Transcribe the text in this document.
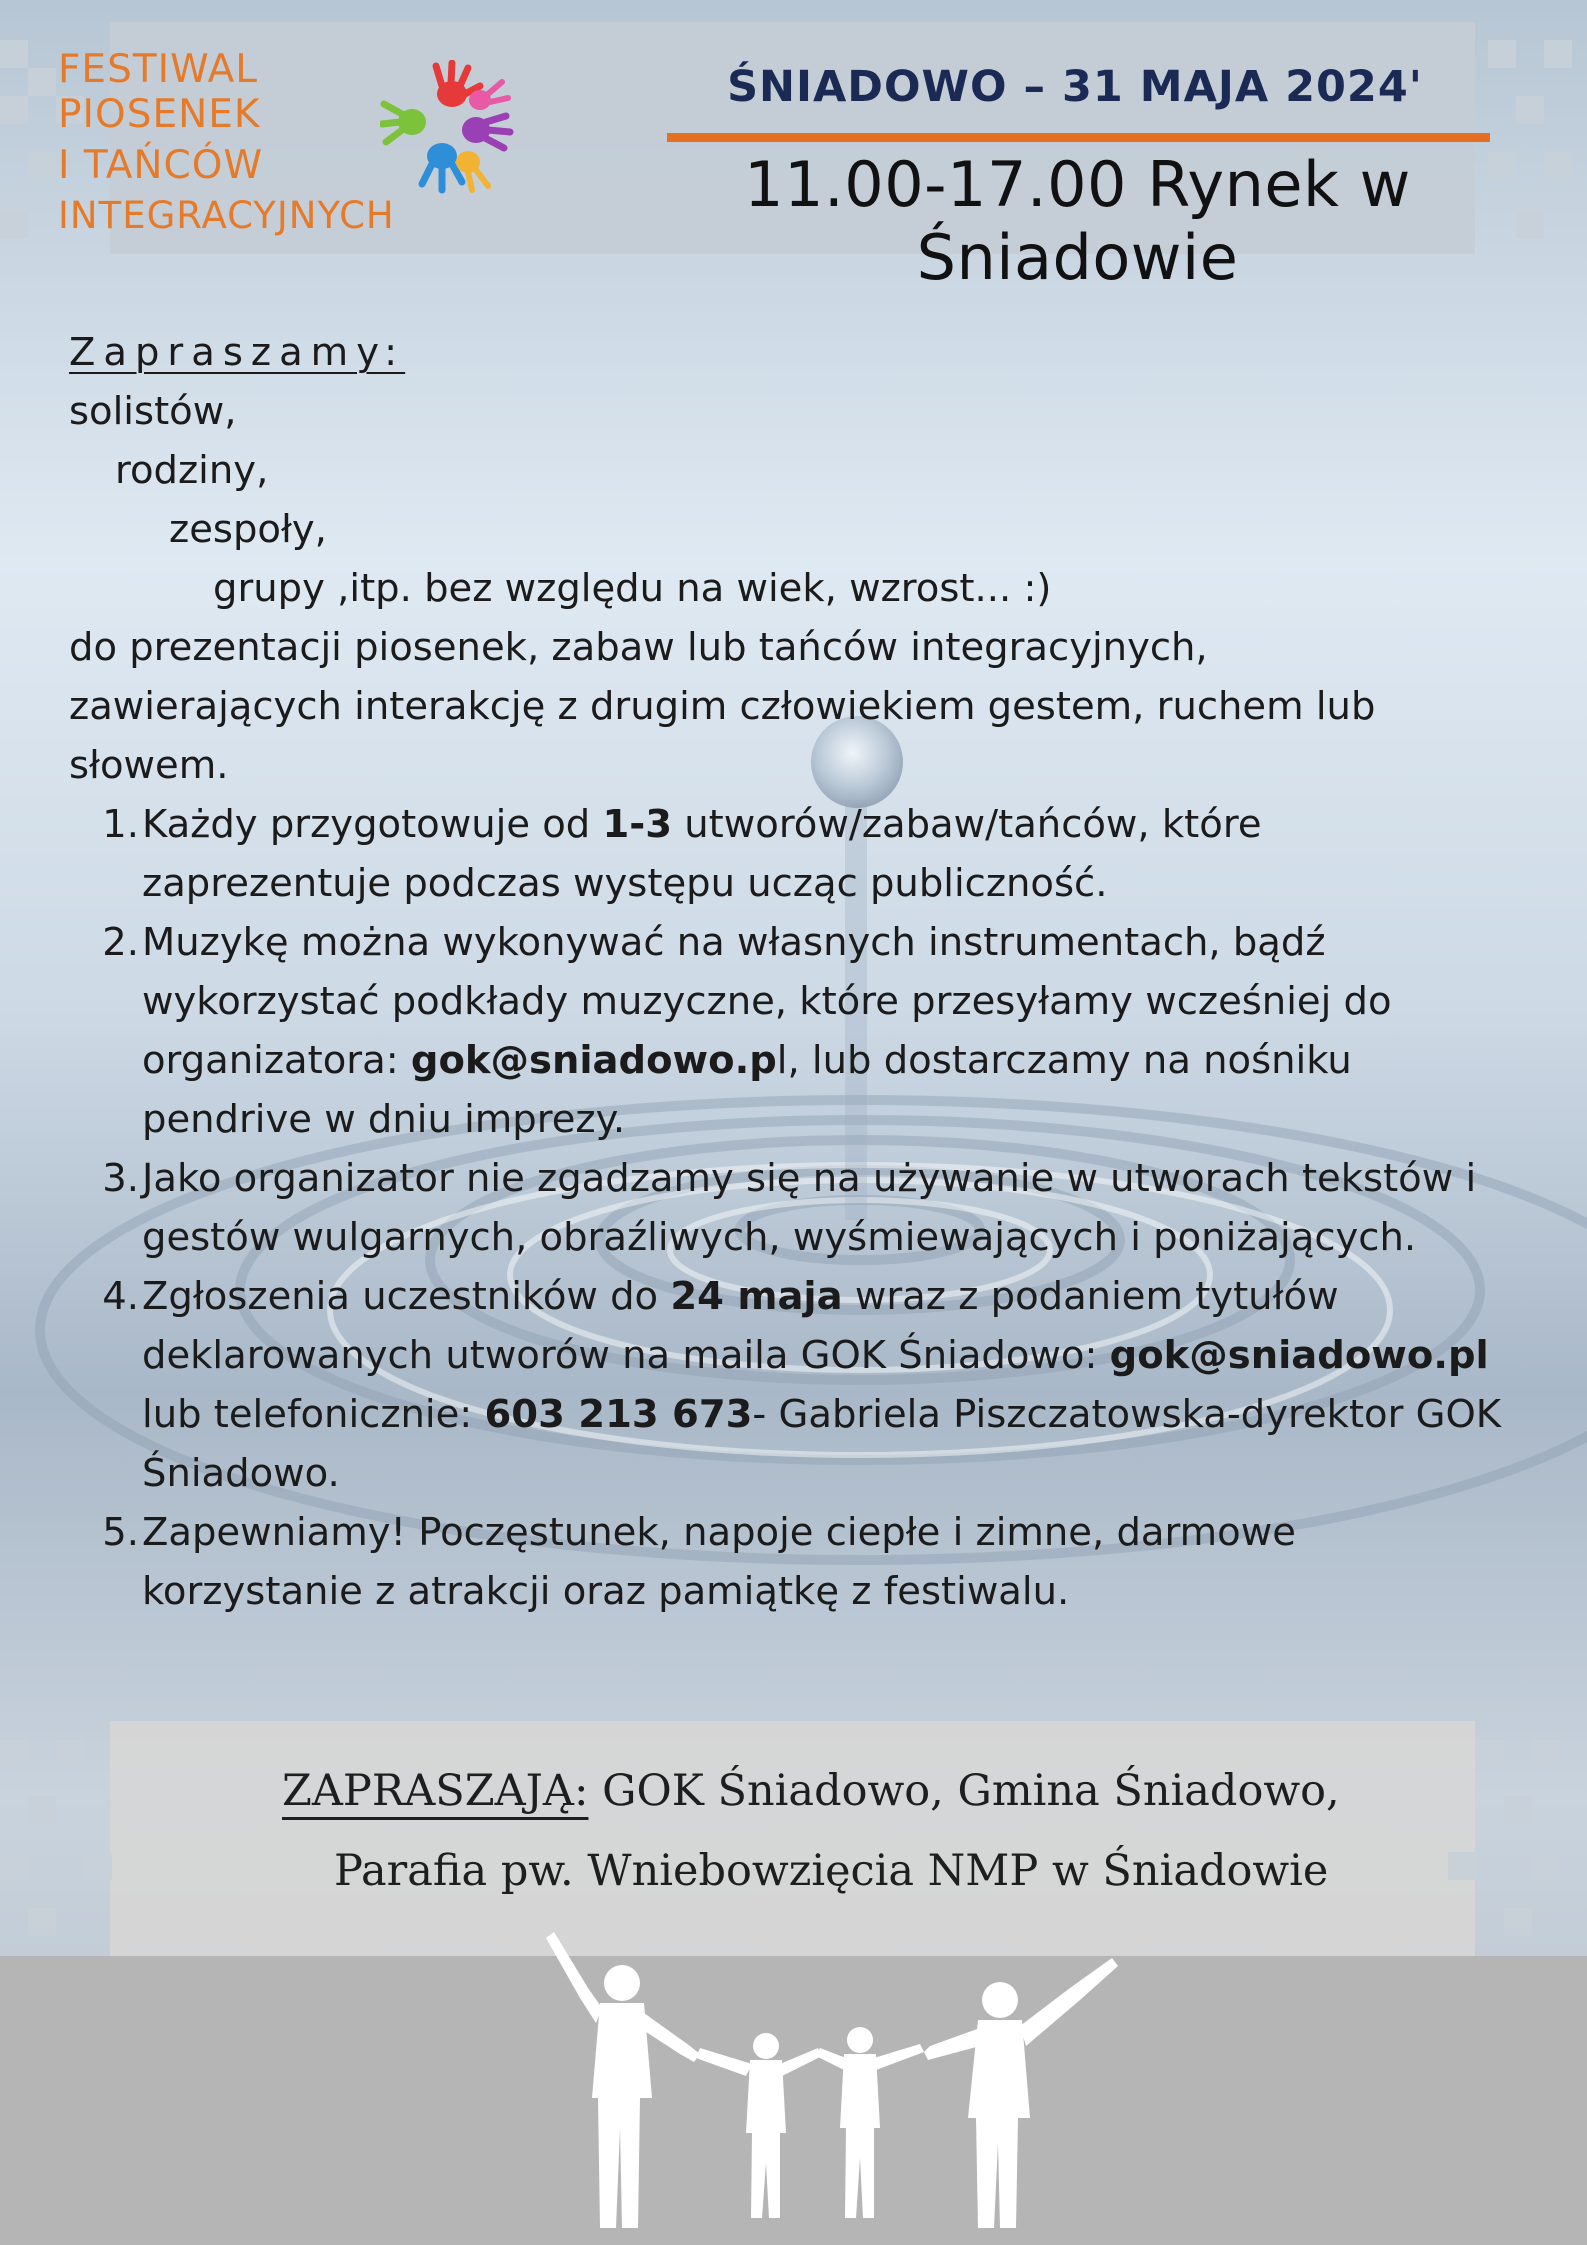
FESTIWAL
PIOSENEK
I TAŃCÓW
INTEGRACYJNYCH
ŚNIADOWO – 31 MAJA 2024'
11.00-17.00 Rynek w Śniadowie
Zapraszamy:
solistów,
rodziny,
zespoły,
grupy ,itp. bez względu na wiek, wzrost... :)
do prezentacji piosenek, zabaw lub tańców integracyjnych,
zawierających interakcję z drugim człowiekiem gestem, ruchem lub
słowem.
1. Każdy przygotowuje od 1-3 utworów/zabaw/tańców, które
zaprezentuje podczas występu ucząc publiczność.
2. Muzykę można wykonywać na własnych instrumentach, bądź
wykorzystać podkłady muzyczne, które przesyłamy wcześniej do
organizatora: gok@sniadowo.pl, lub dostarczamy na nośniku
pendrive w dniu imprezy.
3. Jako organizator nie zgadzamy się na używanie w utworach tekstów i
gestów wulgarnych, obraźliwych, wyśmiewających i poniżających.
4. Zgłoszenia uczestników do 24 maja wraz z podaniem tytułów
deklarowanych utworów na maila GOK Śniadowo: gok@sniadowo.pl
lub telefonicznie: 603 213 673- Gabriela Piszczatowska-dyrektor GOK
Śniadowo.
5. Zapewniamy! Poczęstunek, napoje ciepłe i zimne, darmowe
korzystanie z atrakcji oraz pamiątkę z festiwalu.
ZAPRASZAJĄ: GOK Śniadowo, Gmina Śniadowo,
Parafia pw. Wniebowzięcia NMP w Śniadowie
